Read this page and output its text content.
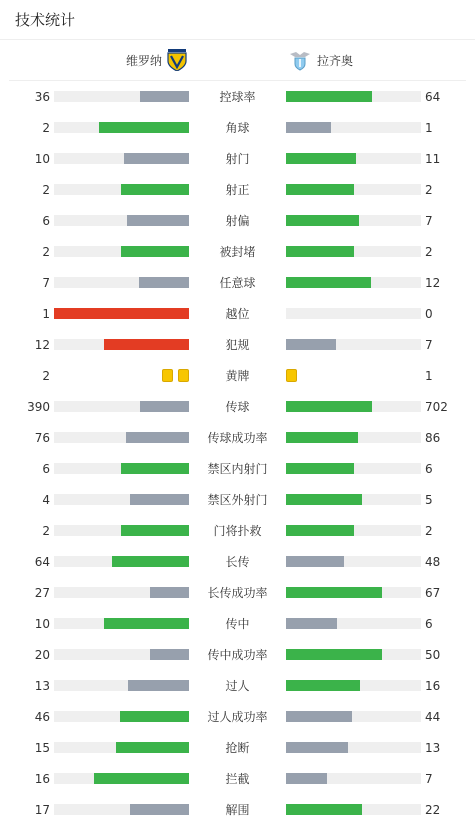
技术统计
维罗纳	拉齐奥
36	控球率	64
2	角球	1
10	射门	11
2	射正	2
6	射偏	7
2	被封堵	2
7	任意球	12
1	越位	0
12	犯规	7
2	黄牌	1
390	传球	702
76	传球成功率	86
6	禁区内射门	6
4	禁区外射门	5
2	门将扑救	2
64	长传	48
27	长传成功率	67
10	传中	6
20	传中成功率	50
13	过人	16
46	过人成功率	44
15	抢断	13
16	拦截	7
17	解围	22
